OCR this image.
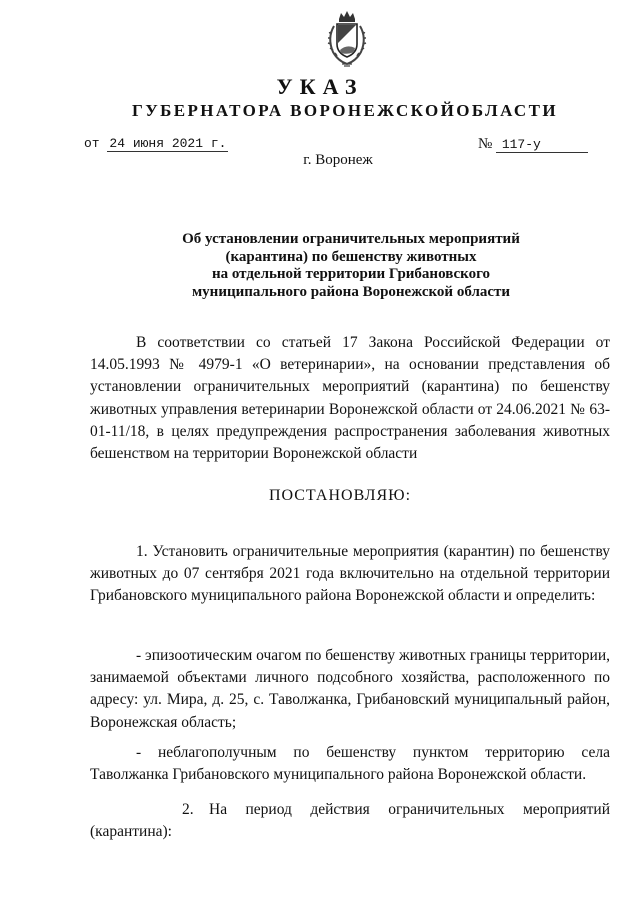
УКАЗ
ГУБЕРНАТОРА ВОРОНЕЖСКОЙОБЛАСТИ
от 24 июня 2021 г.	№ 117-у
г. Воронеж
Об установлении ограничительных мероприятий
(карантина) по бешенству животных
на отдельной территории Грибановского
муниципального района Воронежской области
В соответствии со статьей 17 Закона Российской Федерации от 14.05.1993 № 4979-1 «О ветеринарии», на основании представления об установлении ограничительных мероприятий (карантина) по бешенству животных управления ветеринарии Воронежской области от 24.06.2021 № 63-01-11/18, в целях предупреждения распространения заболевания животных бешенством на территории Воронежской области
ПОСТАНОВЛЯЮ:
1. Установить ограничительные мероприятия (карантин) по бешенству животных до 07 сентября 2021 года включительно на отдельной территории Грибановского муниципального района Воронежской области и определить:
- эпизоотическим очагом по бешенству животных границы территории, занимаемой объектами личного подсобного хозяйства, расположенного по адресу: ул. Мира, д. 25, с. Таволжанка, Грибановский муниципальный район, Воронежская область;
- неблагополучным по бешенству пунктом территорию села Таволжанка Грибановского муниципального района Воронежской области.
2. На период действия ограничительных мероприятий (карантина):
